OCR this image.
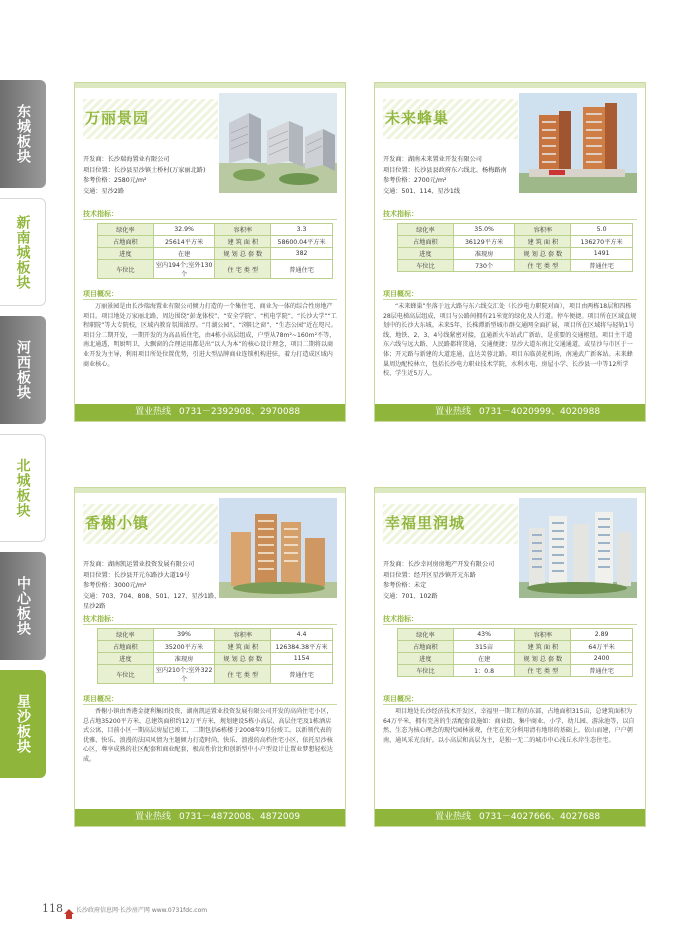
东城板块
新南城板块
河西板块
北城板块
中心板块
星沙板块
万丽景园
开发商：长沙瑞海置业有限公司
项目位置：长沙县星沙镇土桥村(万家丽北路)
参考价格：2580元/m²
交通：星沙2路
技术指标：
绿化率	32.9%	容积率	3.3
占地面积	25614平方米	建 筑 面 积	58600.04平方米
进度	在建	规 划 总 套 数	382
车位比	室内194个;室外130个	住 宅 类 型	普通住宅
项目概况：
万丽景园是由长沙瑞海置业有限公司倾力打造的一个集住宅、商业为一体的综合性房地产项目。项目地处万家丽北路，周边围绕“彭龙体校”、“安全学院”、“机电学院”、“长沙大学”“工程职院”等大专院校，区域内教育氛围浓厚。“月湖公园”、“浏阳之窗”、“生态公园”近在咫尺。项目分二期开发，一期开发的为高品质住宅，由4栋小高层组成，户型从78m²~160m²不等，南北通透，明厨明卫，大飘窗的合理运用都是出“以人为本”的核心设计理念，项目二期将以商业开发为主导，利用项目所处位置优势，引进大型品牌商业连锁机构进驻，着力打造成区域内商业核心。
置业热线 0731－2392908、2970088
未来蜂巢
开发商：湖南未来置业开发有限公司
项目位置：长沙县县政府东六线北、杨梅路南
参考价格：2700元/m²
交通：501、114、星沙1线
技术指标：
绿化率	35.0%	容积率	5.0
占地面积	36129平方米	建 筑 面 积	136270平方米
进度	准现房	规 划 总 套 数	1491
车位比	730个	住 宅 类 型	普通住宅
项目概况：
“未来蜂巢”坐落于远大路与东六线交汇处（长沙电力职院对面），项目由两栋18层和四栋28层电梯高层组成，项目与公路间拥有21米宽的绿化及人行道。停车便捷。项目所在区域直规划中的长沙大东城。未来5年，长株潭新型城市群交通网全面扩展，项目所在区域将与轻轨1号线，地铁、2、3、4号线紧密对接，直通新火车站武广新站，是重要的交通枢纽。项目主干道东六线与远大路、人民路都将贯通，交通便捷；星沙大道东南北交通通道，或星沙与市区于一体；开元路与新建的大道连通，直达芙蓉北路。项目东临黄花机场，南通武广新客站。未来蜂巢周边配校林立，包括长沙电力职业技术学院，水利水电、房屋小学、长沙县一中等12所学校，学生近5万人。
置业热线 0731－4020999、4020988
香榭小镇
开发商：湖南凯运置业投资发展有限公司
项目位置：长沙县开元东路沙大道19号
参考价格：3000元/m²
交通：703、704、808、501、127、星沙1路、星沙2路
技术指标：
绿化率	39%	容积率	4.4
占地面积	35200平方米	建 筑 面 积	126384.38平方米
进度	准现房	规 划 总 套 数	1154
车位比	室内210个;室外322个	住 宅 类 型	普通住宅
项目概况：
香榭小镇由香港金捷利集团投资，湖南凯运置业投资发展有限公司开发的高尚住宅小区，总占地35200平方米，总建筑面积约12万平方米，规划建设5栋小高层、高层住宅及1栋酒店式公寓，目前小区一期高层房屋已竣工，二期包括6栋楼于2008年9月份竣工。以新领代表的优雅、快乐、浪漫的法国风情为主题倾力打造时尚、快乐、浪漫的高档住宅小区，依托星沙核心区，尊享成熟的社区配套和商业配套，极高性价比和创新型中小户型设计让置业梦想轻松达成。
置业热线 0731－4872008、4872009
幸福里润城
开发商：长沙幸河房房地产开发有限公司
项目位置：经开区星沙镇开元东路
参考价格：未定
交通：701、102路
技术指标：
绿化率	43%	容积率	2.89
占地面积	315亩	建 筑 面 积	64万平米
进度	在建	规 划 总 套 数	2400
车位比	1：0.8	住 宅 类 型	普通住宅
项目概况：
项目地处长沙经济技术开发区，幸福里一期工程的东部，占地面积315亩，总建筑面积为64万平米，拥有完善的生活配套设施如：商业街、集中商业、小学、幼儿园、游泳池等，以自然、生态为核心理念的现代园林景观，住宅在充分利用清有地形的基础上，依山而建，户户朝南，通风采光良好。以小高层和高层为主，是独一无二的城市中心浅丘水岸生态住宅。
置业热线 0731－4027666、4027688
118 长沙政府信息网·长沙房产网 www.0731fdc.com
